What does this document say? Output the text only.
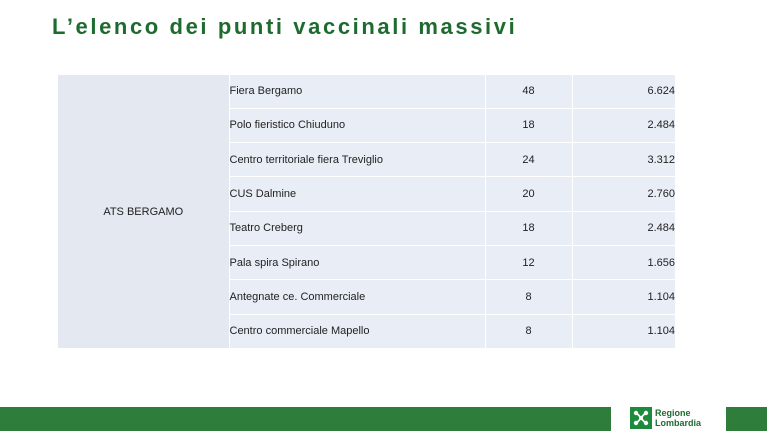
L’elenco dei punti vaccinali massivi
ATS BERGAMO	Fiera Bergamo	48	6.624
	Polo fieristico Chiuduno	18	2.484
	Centro territoriale fiera Treviglio	24	3.312
	CUS Dalmine	20	2.760
	Teatro Creberg	18	2.484
	Pala spira Spirano	12	1.656
	Antegnate ce. Commerciale	8	1.104
	Centro commerciale Mapello	8	1.104
Regione
Lombardia
